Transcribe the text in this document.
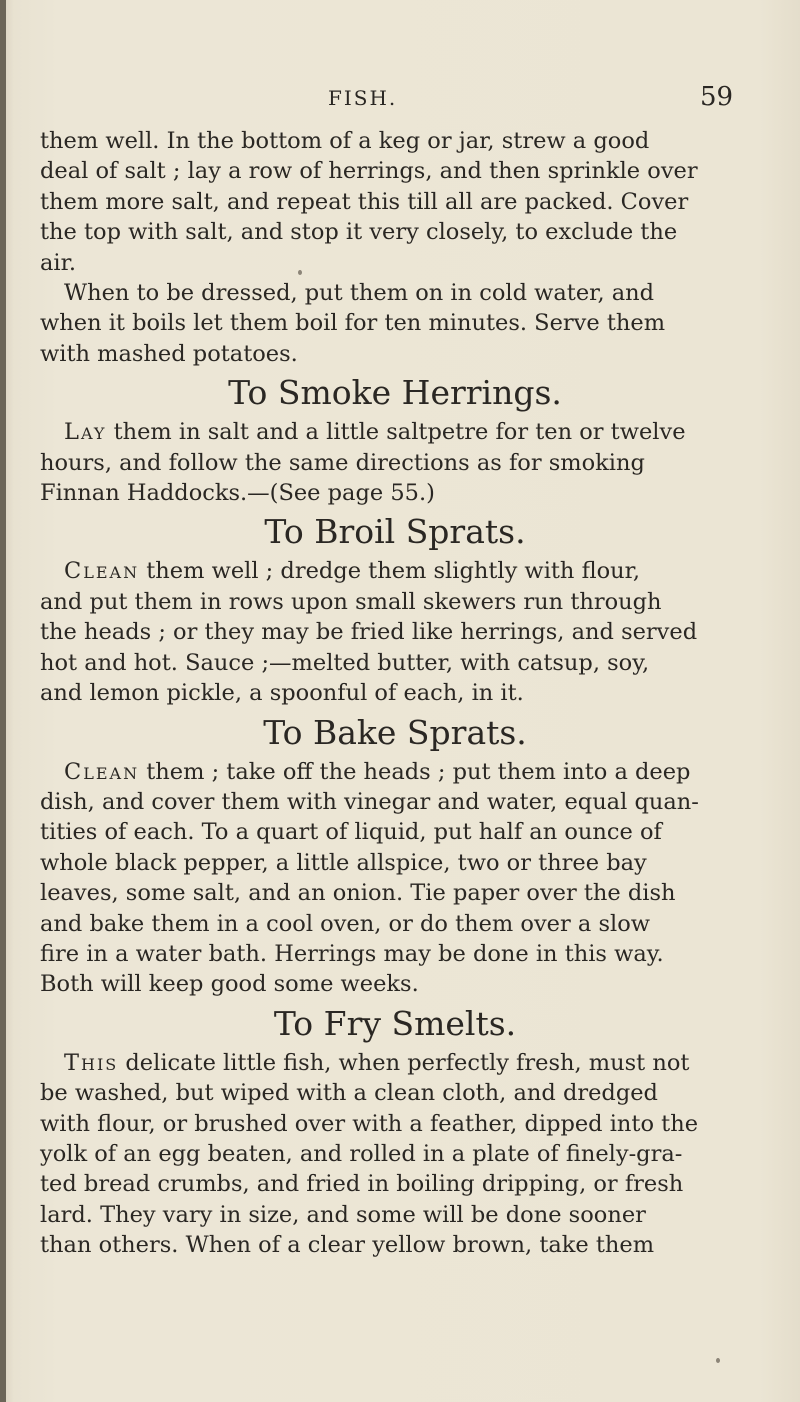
FISH.	59

them well. In the bottom of a keg or jar, strew a good
deal of salt ; lay a row of herrings, and then sprinkle over
them more salt, and repeat this till all are packed. Cover
the top with salt, and stop it very closely, to exclude the
air.

When to be dressed, put them on in cold water, and
when it boils let them boil for ten minutes. Serve them
with mashed potatoes.

To Smoke Herrings.

Lay them in salt and a little saltpetre for ten or twelve
hours, and follow the same directions as for smoking
Finnan Haddocks.—(See page 55.)

To Broil Sprats.

Clean them well ; dredge them slightly with flour,
and put them in rows upon small skewers run through
the heads ; or they may be fried like herrings, and served
hot and hot. Sauce ;—melted butter, with catsup, soy,
and lemon pickle, a spoonful of each, in it.

To Bake Sprats.

Clean them ; take off the heads ; put them into a deep
dish, and cover them with vinegar and water, equal quan-
tities of each. To a quart of liquid, put half an ounce of
whole black pepper, a little allspice, two or three bay
leaves, some salt, and an onion. Tie paper over the dish
and bake them in a cool oven, or do them over a slow
fire in a water bath. Herrings may be done in this way.
Both will keep good some weeks.

To Fry Smelts.

This delicate little fish, when perfectly fresh, must not
be washed, but wiped with a clean cloth, and dredged
with flour, or brushed over with a feather, dipped into the
yolk of an egg beaten, and rolled in a plate of finely-gra-
ted bread crumbs, and fried in boiling dripping, or fresh
lard. They vary in size, and some will be done sooner
than others. When of a clear yellow brown, take them
